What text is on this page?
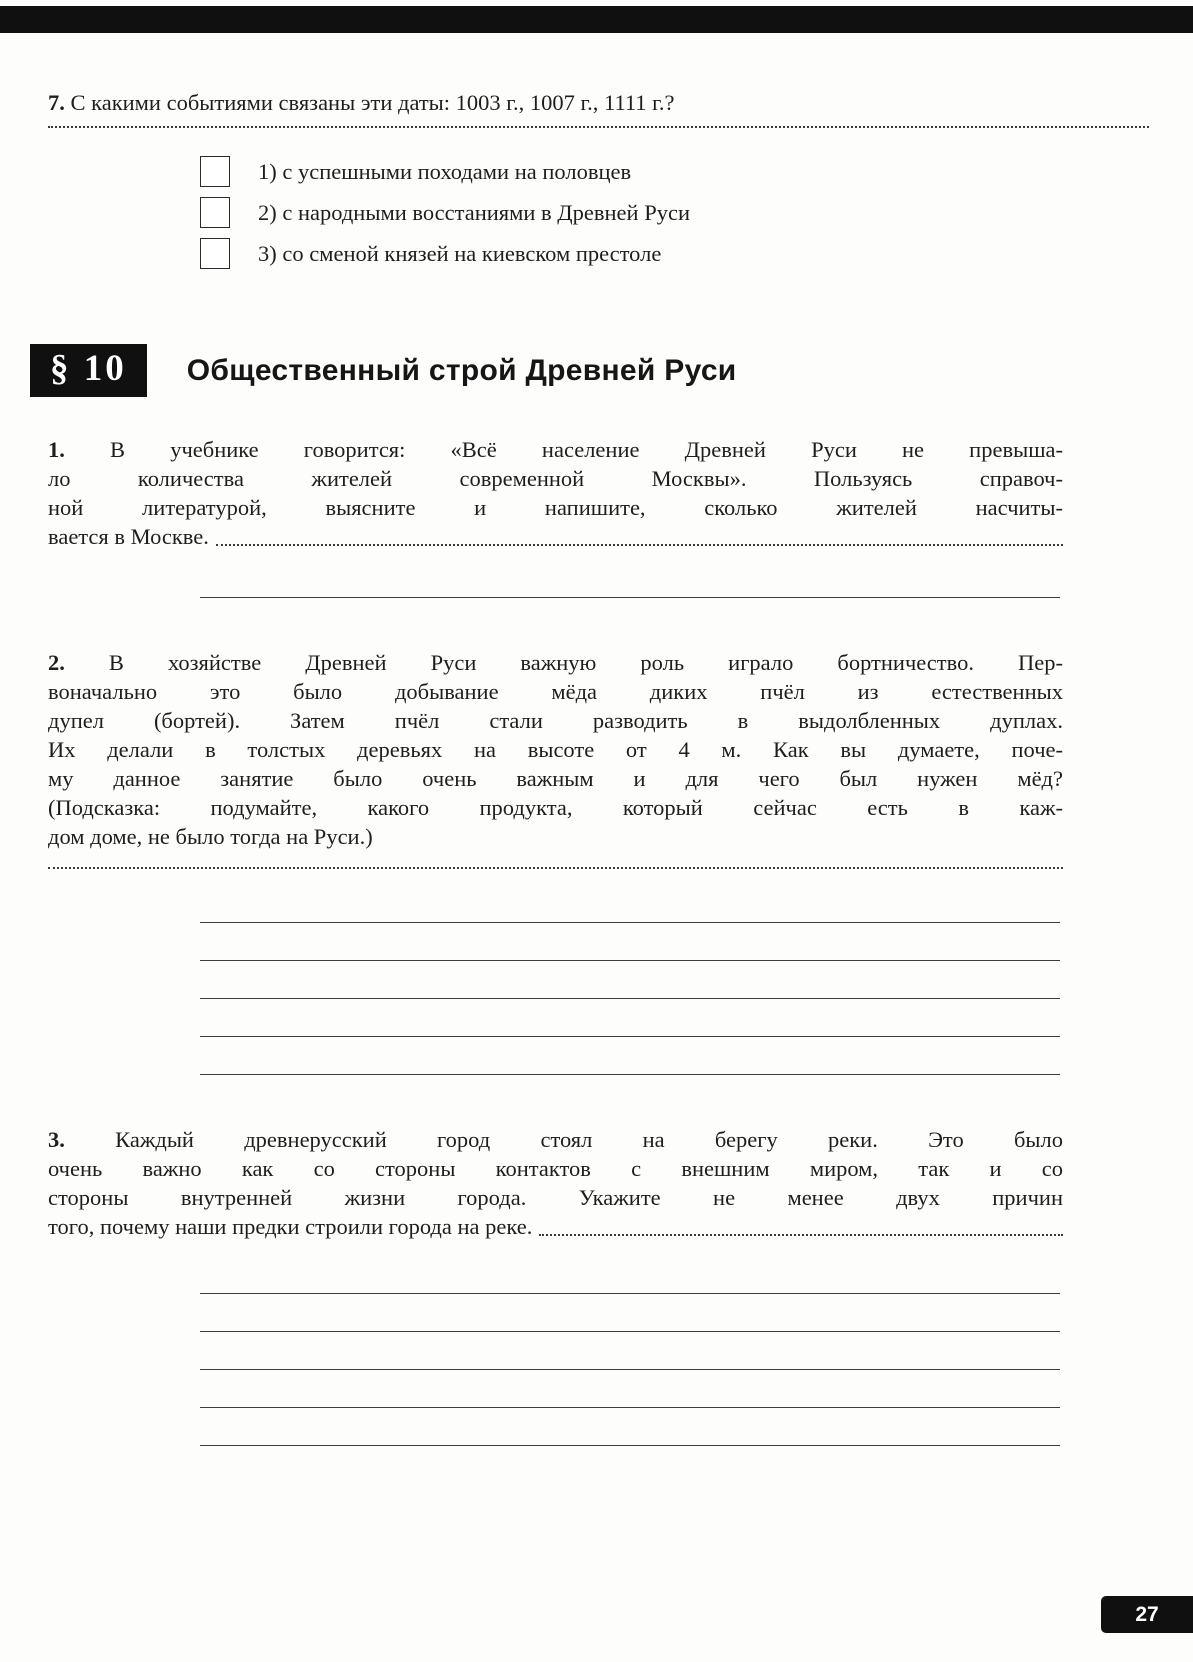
7. С какими событиями связаны эти даты: 1003 г., 1007 г., 1111 г.?
1) с успешными походами на половцев
2) с народными восстаниями в Древней Руси
3) со сменой князей на киевском престоле
§ 10	Общественный строй Древней Руси
1. В учебнике говорится: «Всё население Древней Руси не превыша-
ло количества жителей современной Москвы». Пользуясь справоч-
ной литературой, выясните и напишите, сколько жителей насчиты-
вается в Москве.
2. В хозяйстве Древней Руси важную роль играло бортничество. Пер-
воначально это было добывание мёда диких пчёл из естественных
дупел (бортей). Затем пчёл стали разводить в выдолбленных дуплах.
Их делали в толстых деревьях на высоте от 4 м. Как вы думаете, поче-
му данное занятие было очень важным и для чего был нужен мёд?
(Подсказка: подумайте, какого продукта, который сейчас есть в каж-
дом доме, не было тогда на Руси.)
3. Каждый древнерусский город стоял на берегу реки. Это было
очень важно как со стороны контактов с внешним миром, так и со
стороны внутренней жизни города. Укажите не менее двух причин
того, почему наши предки строили города на реке.
27
